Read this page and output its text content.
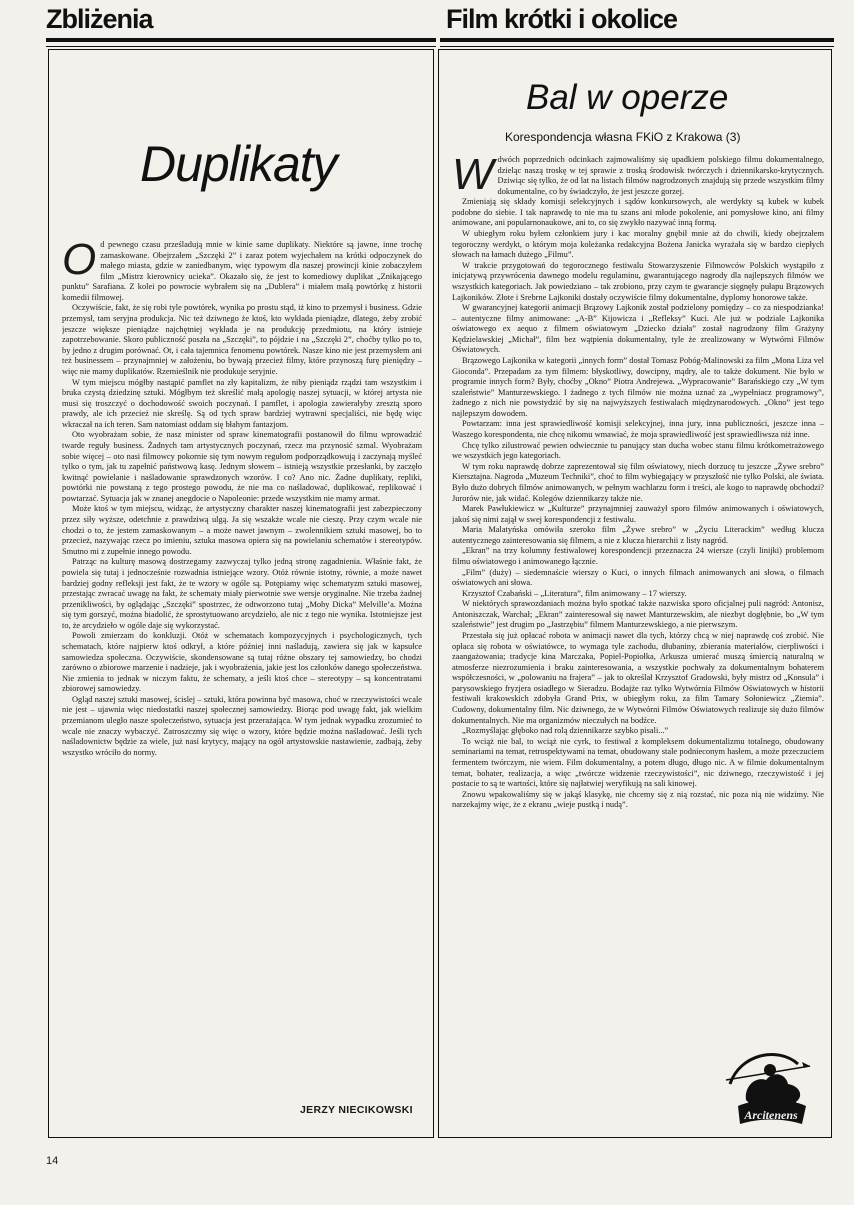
Zbliżenia	Film krótki i okolice
Duplikaty
O d pewnego czasu prześladują mnie w kinie same duplikaty. Niektóre są jawne, inne trochę zamaskowane. Obejrzałem „Szczęki 2” i zaraz potem wyjechałem na krótki odpoczynek do małego miasta, gdzie w zaniedbanym, więc typowym dla naszej prowincji kinie zobaczyłem film „Mistrz kierownicy ucieka”. Okazało się, że jest to komediowy duplikat „Znikającego punktu” Sarafiana. Z kolei po powrocie wybrałem się na „Dublera” i miałem małą powtórkę z historii komedii filmowej.

Oczywiście, fakt, że się robi tyle powtórek, wynika po prostu stąd, iż kino to przemysł i business. Gdzie przemysł, tam seryjna produkcja. Nic też dziwnego że ktoś, kto wykłada pieniądze, dlatego, żeby zrobić jeszcze większe pieniądze najchętniej wykłada je na produkcję przedmiotu, na który istnieje zapotrzebowanie. Skoro publiczność poszła na „Szczęki”, to pójdzie i na „Szczęki 2”, choćby tylko po to, by jedno z drugim porównać. Ot, i cała tajemnica fenomenu powtórek. Nasze kino nie jest przemysłem ani też businessem – przynajmniej w założeniu, bo bywają przecież filmy, które przynoszą furę pieniędzy – więc nie mamy duplikatów. Rzemieślnik nie produkuje seryjnie.

W tym miejscu mógłby nastąpić pamflet na zły kapitalizm, że niby pieniądz rządzi tam wszystkim i bruka czystą dziedzinę sztuki. Mógłbym też skreślić małą apologię naszej sytuacji, w której artysta nie musi się troszczyć o dochodowość swoich poczynań. I pamflet, i apologia zawierałyby zresztą sporo prawdy, ale ich przecież nie skreślę. Są od tych spraw bardziej wytrawni specjaliści, nie będę więc wkraczał na ich teren. Sam natomiast oddam się błahym fantazjom.

Oto wyobrażam sobie, że nasz minister od spraw kinematografii postanowił do filmu wprowadzić twarde reguły business. Żadnych tam artystycznych poczynań, rzecz ma przynosić szmal. Wyobrażam sobie więcej – oto nasi filmowcy pokornie się tym nowym regułom podporządkowują i zaczynają myśleć tylko o tym, jak tu zapełnić państwową kasę. Jednym słowem – istnieją wszystkie przesłanki, by zaczęło kwitnąć powielanie i naśladowanie sprawdzonych wzorów. I co? Ano nic. Żadne duplikaty, repliki, powtórki nie powstaną z tego prostego powodu, że nie ma co naśladować, duplikować, replikować i powtarzać. Sytuacja jak w znanej anegdocie o Napoleonie: przede wszystkim nie mamy armat.

Może ktoś w tym miejscu, widząc, że artystyczny charakter naszej kinematografii jest zabezpieczony przez siły wyższe, odetchnie z prawdziwą ulgą. Ja się wszakże wcale nie cieszę. Przy czym wcale nie chodzi o to, że jestem zamaskowanym – a może nawet jawnym – zwolennikiem sztuki masowej, bo to przecież, nazywając rzecz po imieniu, sztuka masowa opiera się na powielaniu schematów i stereotypów. Smutno mi z zupełnie innego powodu.

Patrząc na kulturę masową dostrzegamy zazwyczaj tylko jedną stronę zagadnienia. Właśnie fakt, że powiela się tutaj i jednocześnie rozwadnia istniejące wzory. Otóż równie istotny, równie, a może nawet bardziej godny refleksji jest fakt, że te wzory w ogóle są. Potępiamy więc schematyzm sztuki masowej, przestając zwracać uwagę na fakt, że schematy miały pierwotnie swe wersje oryginalne. Nie trzeba żadnej przenikliwości, by oglądając „Szczęki” spostrzec, że odtworzono tutaj „Moby Dicka” Melville’a. Można się tym gorszyć, można biadolić, że sprostytuowano arcydzieło, ale nic z tego nie wynika. Istotniejsze jest to, że arcydzieło w ogóle daje się wykorzystać.

Powoli zmierzam do konkluzji. Otóż w schematach kompozycyjnych i psychologicznych, tych schematach, które najpierw ktoś odkrył, a które później inni naśladują, zawiera się jak w kapsułce samowiedza społeczna. Oczywiście, skondensowane są tutaj różne obszary tej samowiedzy, bo chodzi zarówno o zbiorowe marzenie i nadzieje, jak i wyobrażenia, jakie jest los członków danego społeczeństwa. Nie zmienia to jednak w niczym faktu, że schematy, a jeśli ktoś chce – stereotypy – są koncentratami zbiorowej samowiedzy.

Ogląd naszej sztuki masowej, ścislej – sztuki, która powinna być masowa, choć w rzeczywistości wcale nie jest – ujawnia więc niedostatki naszej społecznej samowiedzy. Biorąc pod uwagę fakt, jak wielkim przemianom uległo nasze społeczeństwo, sytuacja jest przerażająca. W tym jednak wypadku zrozumieć to wcale nie znaczy wybaczyć. Zatroszczmy się więc o wzory, które będzie można naśladować. Jeśli tych naśladownictw będzie za wiele, już nasi krytycy, mający na ogół artystowskie nastawienie, zadbają, żeby wszystko wróciło do normy.

JERZY NIECIKOWSKI
Bal w operze
Korespondencja własna FKiO z Krakowa (3)
W dwóch poprzednich odcinkach zajmowaliśmy się upadkiem polskiego filmu dokumentalnego, dzieląc naszą troskę w tej sprawie z troską środowisk twórczych i dziennikarsko-krytycznych. Dziwiąc się tylko, że od lat na listach filmów nagrodzonych znajdują się przede wszystkim filmy dokumentalne, co by świadczyło, że jest jeszcze gorzej.

Zmieniają się składy komisji selekcyjnych i sądów konkursowych, ale werdykty są kubek w kubek podobne do siebie. I tak naprawdę to nie ma tu szans ani młode pokolenie, ani pomysłowe kino, ani filmy animowane, ani popularnonaukowe, ani to, co się zwykło nazywać inną formą.

W ubiegłym roku byłem członkiem jury i kac moralny gnębił mnie aż do chwili, kiedy obejrzałem tegoroczny werdykt, o którym moja koleżanka redakcyjna Bożena Janicka wyrażała się w bardzo ciepłych słowach na łamach dużego „Filmu”.

W trakcie przygotowań do tegorocznego festiwalu Stowarzyszenie Filmowców Polskich wystąpiło z inicjatywą przywrócenia dawnego modelu regulaminu, gwarantującego nagrody dla najlepszych filmów we wszystkich kategoriach. Jak powiedziano – tak zrobiono, przy czym te gwarancje sięgnęły pułapu Brązowych Lajkoników. Złote i Srebrne Lajkoniki dostały oczywiście filmy dokumentalne, dyplomy honorowe także.

W gwarancyjnej kategorii animacji Brązowy Lajkonik został podzielony pomiędzy – co za niespodzianka! – autentyczne filmy animowane: „A-B” Kijowicza i „Refleksy” Kuci. Ale już w podziale Lajkonika oświatowego ex aequo z filmem oświatowym „Dziecko działa” został nagrodzony film Grażyny Kędzielawskiej „Michał”, film bez wątpienia dokumentalny, tyle że zrealizowany w Wytwórni Filmów Oświatowych.

Brązowego Lajkonika w kategorii „innych form” dostał Tomasz Pobóg-Malinowski za film „Mona Liza vel Gioconda”. Przepadam za tym filmem: błyskotliwy, dowcipny, mądry, ale to także dokument. Nie było w programie innych form? Były, choćby „Okno” Piotra Andrejewa. „Wypracowanie” Barańskiego czy „W tym szaleństwie” Manturzewskiego. I żadnego z tych filmów nie można uznać za „wypełniacz programowy”, żadnego z nich nie powstydzić by się na najwyższych festiwalach międzynarodowych. „Okno” jest tego najlepszym dowodem.

Powtarzam: inna jest sprawiedliwość komisji selekcyjnej, inna jury, inna publiczności, jeszcze inna – Waszego korespondenta, nie chcę nikomu wmawiać, że moja sprawiedliwość jest sprawiedliwsza niż inne.

Chcę tylko zilustrować pewien odwiecznie tu panujący stan ducha wobec stanu filmu krótkometrażowego we wszystkich jego kategoriach.

W tym roku naprawdę dobrze zaprezentował się film oświatowy, niech dorzucę tu jeszcze „Żywe srebro” Kiersztajna. Nagroda „Muzeum Techniki”, choć to film wybiegający w przyszłość nie tylko Polski, ale świata. Było dużo dobrych filmów animowanych, w pełnym wachlarzu form i treści, ale kogo to naprawdę obchodzi? Jurorów nie, jak widać. Kolegów dziennikarzy także nie.

Marek Pawłukiewicz w „Kulturze” przynajmniej zauważył sporo filmów animowanych i oświatowych, jakoś się nimi zajął w swej korespondencji z festiwalu.

Maria Malatyńska omówiła szeroko film „Żywe srebro” w „Życiu Literackim” według klucza autentycznego zainteresowania się filmem, a nie z klucza hierarchii z listy nagród.

„Ekran” na trzy kolumny festiwalowej korespondencji przeznacza 24 wiersze (czyli linijki) problemom filmu oświatowego i animowanego łącznie.

„Film” (duży) – siedemnaście wierszy o Kuci, o innych filmach animowanych ani słowa, o filmach oświatowych ani słowa.

Krzysztof Czabański – „Literatura”, film animowany – 17 wierszy.

W niektórych sprawozdaniach można było spotkać także nazwiska sporo oficjalnej puli nagród: Antonisz, Antoniszczak, Warchał; „Ekran” zainteresował się nawet Manturzewskim, ale niezbyt dogłębnie, bo „W tym szaleństwie” jest drugim po „Jastrzębiu” filmem Manturzewskiego, a nie pierwszym.

Przestała się już opłacać robota w animacji nawet dla tych, którzy chcą w niej naprawdę coś zrobić. Nie opłaca się robota w oświatówce, to wymaga tyle zachodu, dłubaniny, zbierania materiałów, cierpliwości i zaangażowania; tradycje kina Marczaka, Popiel-Popiołka, Arkusza umierać muszą śmiercią naturalną w atmosferze niezrozumienia i braku zainteresowania, a wszystkie pochwały za dokumentalnym bohaterem współczesności, w „polowaniu na frajera” – jak to określał Krzysztof Gradowski, były mistrz od „Konsula” i parysowskiego fryzjera osiadłego w Sieradzu. Bodajże raz tylko Wytwórnia Filmów Oświatowych w historii festiwali krakowskich zdobyła Grand Prix, w ubiegłym roku, za film Tamary Sołoniewicz „Ziemia”. Cudowny, dokumentalny film. Nic dziwnego, że w Wytwórni Filmów Oświatowych realizuje się dużo filmów dokumentalnych. Nie ma organizmów nieczułych na bodźce.

„Rozmyślając głęboko nad rolą dziennikarze szybko pisali...”

To wciąż nie bal, to wciąż nie cyrk, to festiwal z kompleksem dokumentalizmu totalnego, obudowany seminariami na temat, retrospektywami na temat, obudowany stale podnieconym hasłem, a może przeczuciem fermentem twórczym, nie wiem. Film dokumentalny, a potem długo, długo nic. A w filmie dokumentalnym temat, bohater, realizacja, a więc „twórcze widzenie rzeczywistości”, nic dziwnego, rzeczywistość i jej postacie to są te wartości, które się najłatwiej weryfikują na sali kinowej.

Znowu wpakowaliśmy się w jakąś klasykę, nie chcemy się z nią rozstać, nic poza nią nie widzimy. Nie narzekajmy więc, że z ekranu „wieje pustką i nudą”.

Arcitenens
14
